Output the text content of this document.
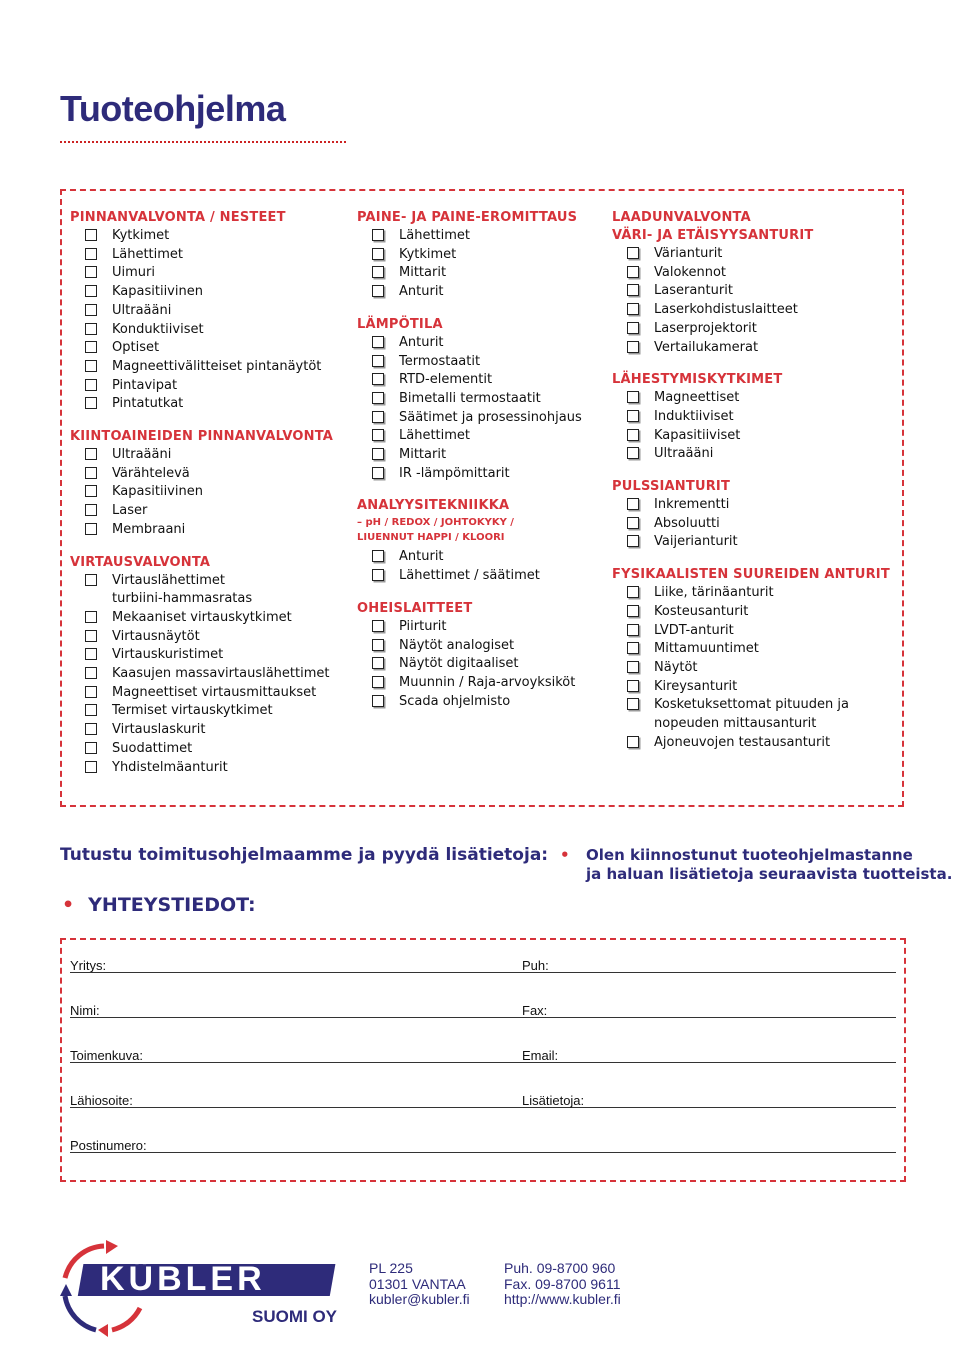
Tuoteohjelma
PINNANVALVONTA / NESTEET
Kytkimet
Lähettimet
Uimuri
Kapasitiivinen
Ultraääni
Konduktiiviset
Optiset
Magneettivälitteiset pintanäytöt
Pintavipat
Pintatutkat
KIINTOAINEIDEN PINNANVALVONTA
Ultraääni
Värähtelevä
Kapasitiivinen
Laser
Membraani
VIRTAUSVALVONTA
Virtauslähettimet
turbiini-hammasratas
Mekaaniset virtauskytkimet
Virtausnäytöt
Virtauskuristimet
Kaasujen massavirtauslähettimet
Magneettiset virtausmittaukset
Termiset virtauskytkimet
Virtauslaskurit
Suodattimet
Yhdistelmäanturit
PAINE- JA PAINE-EROMITTAUS
Lähettimet
Kytkimet
Mittarit
Anturit
LÄMPÖTILA
Anturit
Termostaatit
RTD-elementit
Bimetalli termostaatit
Säätimet ja prosessinohjaus
Lähettimet
Mittarit
IR -lämpömittarit
ANALYYSITEKNIIKKA
– pH / REDOX / JOHTOKYKY /
LIUENNUT HAPPI / KLOORI
Anturit
Lähettimet / säätimet
OHEISLAITTEET
Piirturit
Näytöt analogiset
Näytöt digitaaliset
Muunnin / Raja-arvoyksiköt
Scada ohjelmisto
LAADUNVALVONTA
VÄRI- JA ETÄISYYSANTURIT
Värianturit
Valokennot
Laseranturit
Laserkohdistuslaitteet
Laserprojektorit
Vertailukamerat
LÄHESTYMISKYTKIMET
Magneettiset
Induktiiviset
Kapasitiiviset
Ultraääni
PULSSIANTURIT
Inkrementti
Absoluutti
Vaijerianturit
FYSIKAALISTEN SUUREIDEN ANTURIT
Liike, tärinäanturit
Kosteusanturit
LVDT-anturit
Mittamuuntimet
Näytöt
Kireysanturit
Kosketuksettomat pituuden ja
nopeuden mittausanturit
Ajoneuvojen testausanturit
Tutustu toimitusohjelmaamme ja pyydä lisätietoja: •	Olen kiinnostunut tuoteohjelmastanne
ja haluan lisätietoja seuraavista tuotteista.
• YHTEYSTIEDOT:
Yritys:	Puh:
Nimi:	Fax:
Toimenkuva:	Email:
Lähiosoite:	Lisätietoja:
Postinumero:
KÜBLER
SUOMI OY
PL 225
01301 VANTAA
kubler@kubler.fi
Puh. 09-8700 960
Fax. 09-8700 9611
http://www.kubler.fi
